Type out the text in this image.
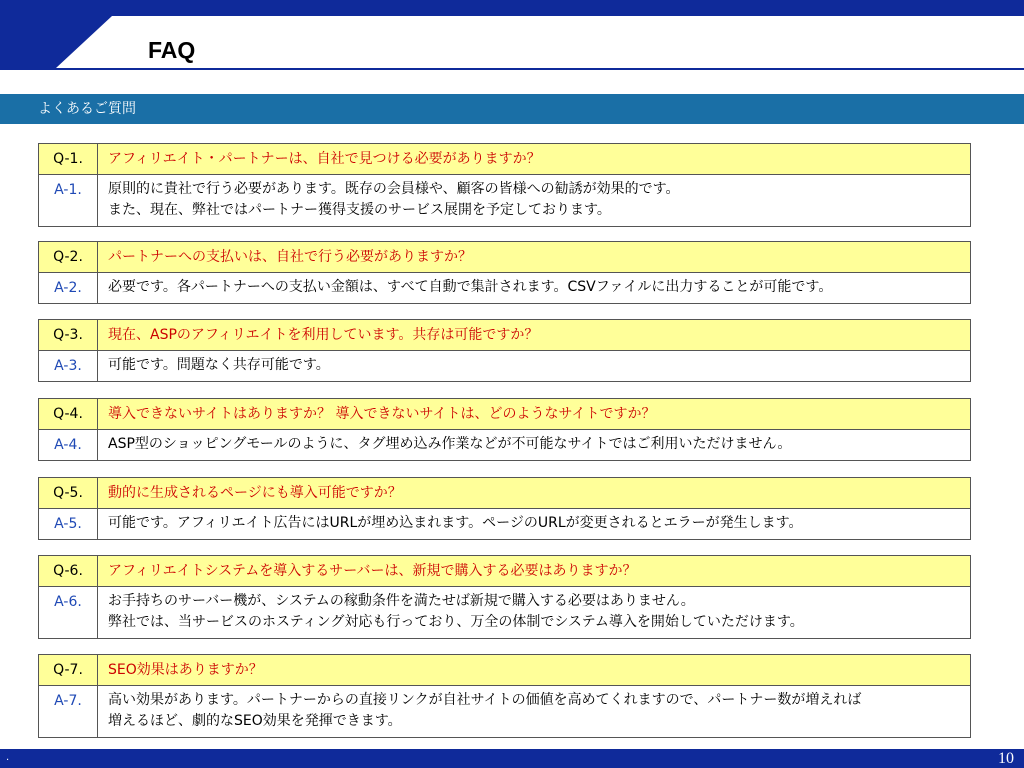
FAQ
よくあるご質問
Q-1.	アフィリエイト・パートナーは、自社で見つける必要がありますか？
A-1.	原則的に貴社で行う必要があります。既存の会員様や、顧客の皆様への勧誘が効果的です。
また、現在、弊社ではパートナー獲得支援のサービス展開を予定しております。
Q-2.	パートナーへの支払いは、自社で行う必要がありますか？
A-2.	必要です。各パートナーへの支払い金額は、すべて自動で集計されます。CSVファイルに出力することが可能です。
Q-3.	現在、ASPのアフィリエイトを利用しています。共存は可能ですか？
A-3.	可能です。問題なく共存可能です。
Q-4.	導入できないサイトはありますか？ 導入できないサイトは、どのようなサイトですか？
A-4.	ASP型のショッピングモールのように、タグ埋め込み作業などが不可能なサイトではご利用いただけません。
Q-5.	動的に生成されるページにも導入可能ですか？
A-5.	可能です。アフィリエイト広告にはURLが埋め込まれます。ページのURLが変更されるとエラーが発生します。
Q-6.	アフィリエイトシステムを導入するサーバーは、新規で購入する必要はありますか？
A-6.	お手持ちのサーバー機が、システムの稼動条件を満たせば新規で購入する必要はありません。
弊社では、当サービスのホスティング対応も行っており、万全の体制でシステム導入を開始していただけます。
Q-7.	SEO効果はありますか？
A-7.	高い効果があります。パートナーからの直接リンクが自社サイトの価値を高めてくれますので、パートナー数が増えれば
増えるほど、劇的なSEO効果を発揮できます。
.	10
